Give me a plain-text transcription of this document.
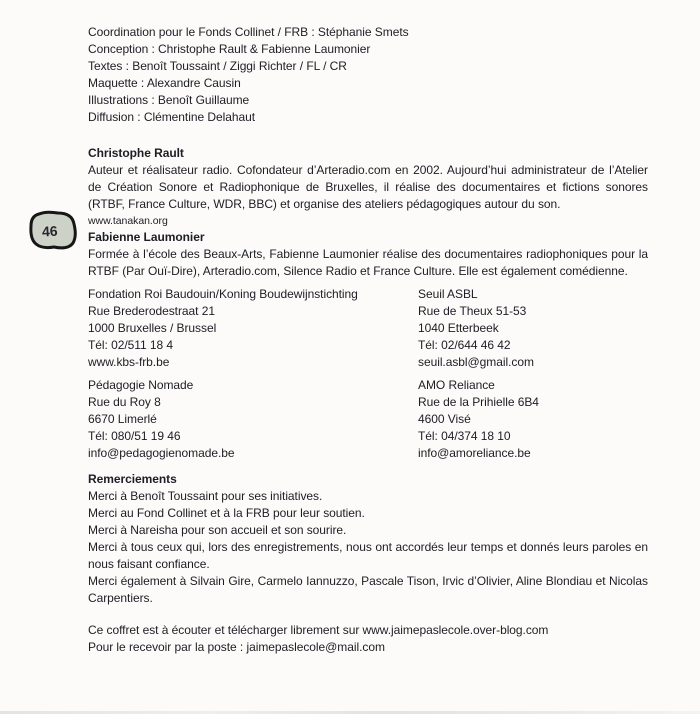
46
Coordination pour le Fonds Collinet / FRB : Stéphanie Smets
Conception : Christophe Rault & Fabienne Laumonier
Textes : Benoît Toussaint / Ziggi Richter / FL / CR
Maquette : Alexandre Causin
Illustrations : Benoît Guillaume
Diffusion : Clémentine Delahaut
Christophe Rault
Auteur et réalisateur radio. Cofondateur d’Arteradio.com en 2002. Aujourd’hui administrateur de l’Atelier de Création Sonore et Radiophonique de Bruxelles, il réalise des documentaires et fictions sonores (RTBF, France Culture, WDR, BBC) et organise des ateliers pédagogiques autour du son.
www.tanakan.org
Fabienne Laumonier
Formée à l’école des Beaux-Arts, Fabienne Laumonier réalise des documentaires radiophoniques pour la RTBF (Par Ouï-Dire), Arteradio.com, Silence Radio et France Culture. Elle est également comédienne.
Fondation Roi Baudouin/Koning Boudewijnstichting
Rue Brederodestraat 21
1000 Bruxelles / Brussel
Tél: 02/511 18 4
www.kbs-frb.be
Seuil ASBL
Rue de Theux 51-53
1040 Etterbeek
Tél: 02/644 46 42
seuil.asbl@gmail.com
Pédagogie Nomade
Rue du Roy 8
6670 Limerlé
Tél: 080/51 19 46
info@pedagogienomade.be
AMO Reliance
Rue de la Prihielle 6B4
4600 Visé
Tél: 04/374 18 10
info@amoreliance.be
Remerciements
Merci à Benoît Toussaint pour ses initiatives.
Merci au Fond Collinet et à la FRB pour leur soutien.
Merci à Nareisha pour son accueil et son sourire.
Merci à tous ceux qui, lors des enregistrements, nous ont accordés leur temps et donnés leurs paroles en nous faisant confiance.
Merci également à Silvain Gire, Carmelo Iannuzzo, Pascale Tison, Irvic d’Olivier, Aline Blondiau et Nicolas Carpentiers.
Ce coffret est à écouter et télécharger librement sur www.jaimepaslecole.over-blog.com
Pour le recevoir par la poste : jaimepaslecole@mail.com
